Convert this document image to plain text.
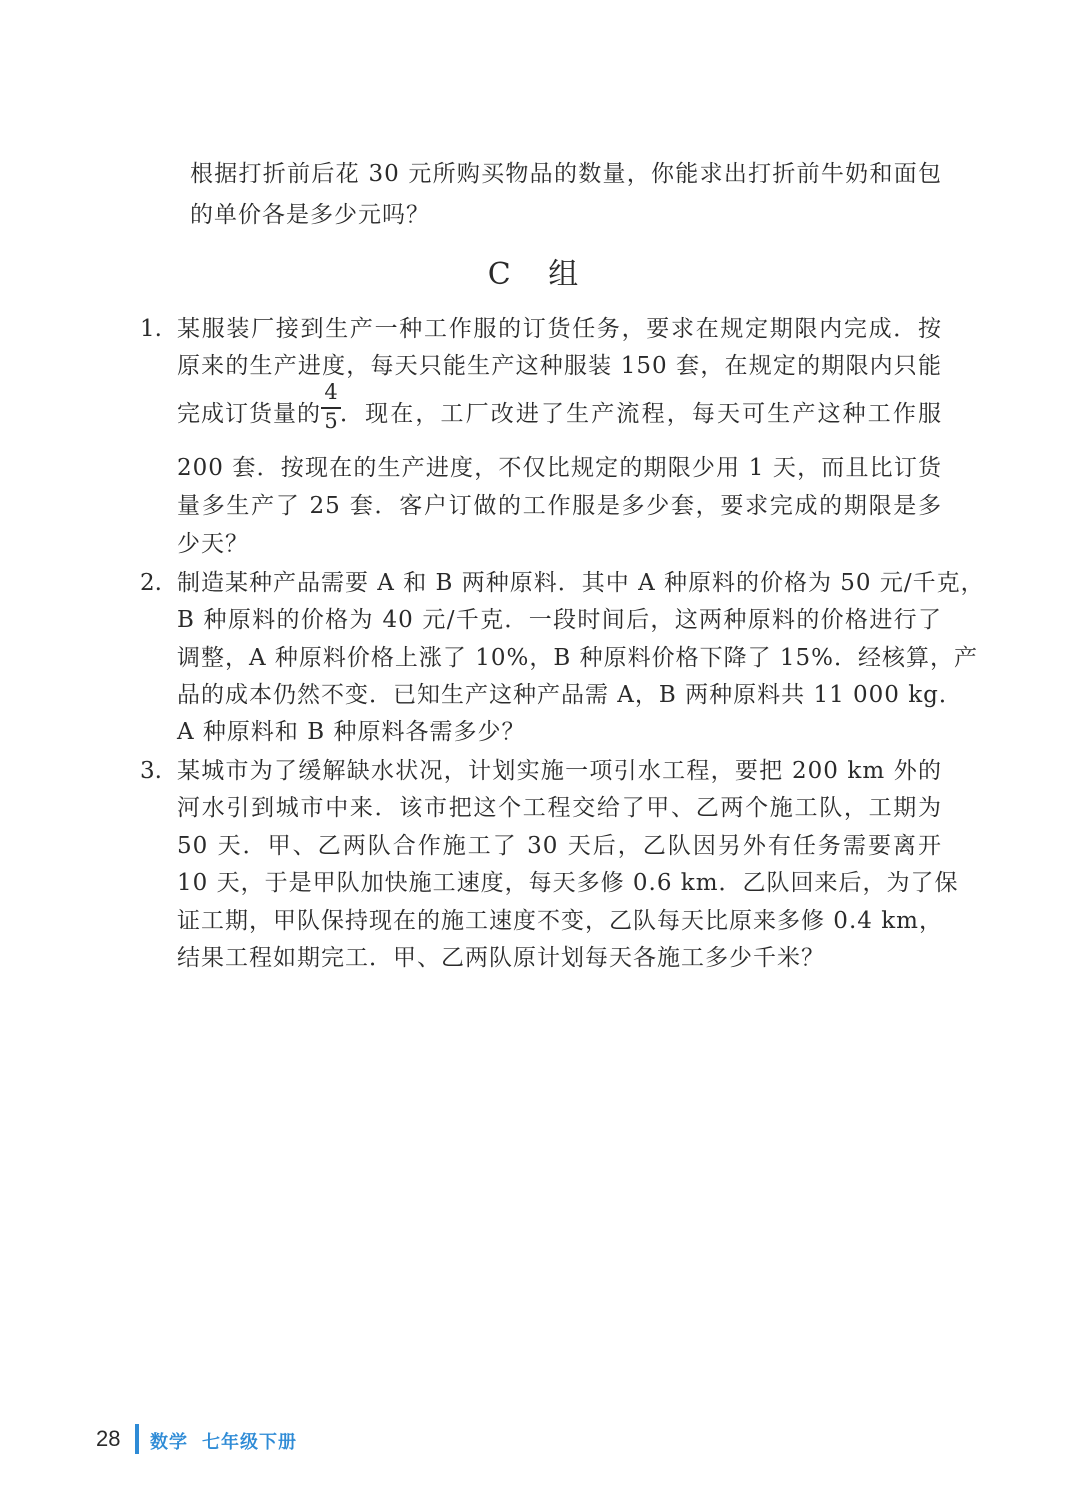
根据打折前后花 30 元所购买物品的数量，你能求出打折前牛奶和面包
的单价各是多少元吗？
C 组
1. 某服装厂接到生产一种工作服的订货任务，要求在规定期限内完成．按
原来的生产进度，每天只能生产这种服装 150 套，在规定的期限内只能
完成订货量的
4
5 ．现在，工厂改进了生产流程，每天可生产这种工作服
200 套．按现在的生产进度，不仅比规定的期限少用 1 天，而且比订货
量多生产了 25 套．客户订做的工作服是多少套，要求完成的期限是多
少天？
2. 制造某种产品需要 A 和 B 两种原料．其中 A 种原料的价格为 50 元/千克，
B 种原料的价格为 40 元/千克．一段时间后，这两种原料的价格进行了
调整，A 种原料价格上涨了 10%，B 种原料价格下降了 15%．经核算，产
品的成本仍然不变．已知生产这种产品需 A，B 两种原料共 11 000 kg．
A 种原料和 B 种原料各需多少？
3. 某城市为了缓解缺水状况，计划实施一项引水工程，要把 200 km 外的
河水引到城市中来．该市把这个工程交给了甲、乙两个施工队，工期为
50 天．甲、乙两队合作施工了 30 天后，乙队因另外有任务需要离开
10 天，于是甲队加快施工速度，每天多修 0.6 km．乙队回来后，为了保
证工期，甲队保持现在的施工速度不变，乙队每天比原来多修 0.4 km，
结果工程如期完工．甲、乙两队原计划每天各施工多少千米？
28 数学 七年级下册
